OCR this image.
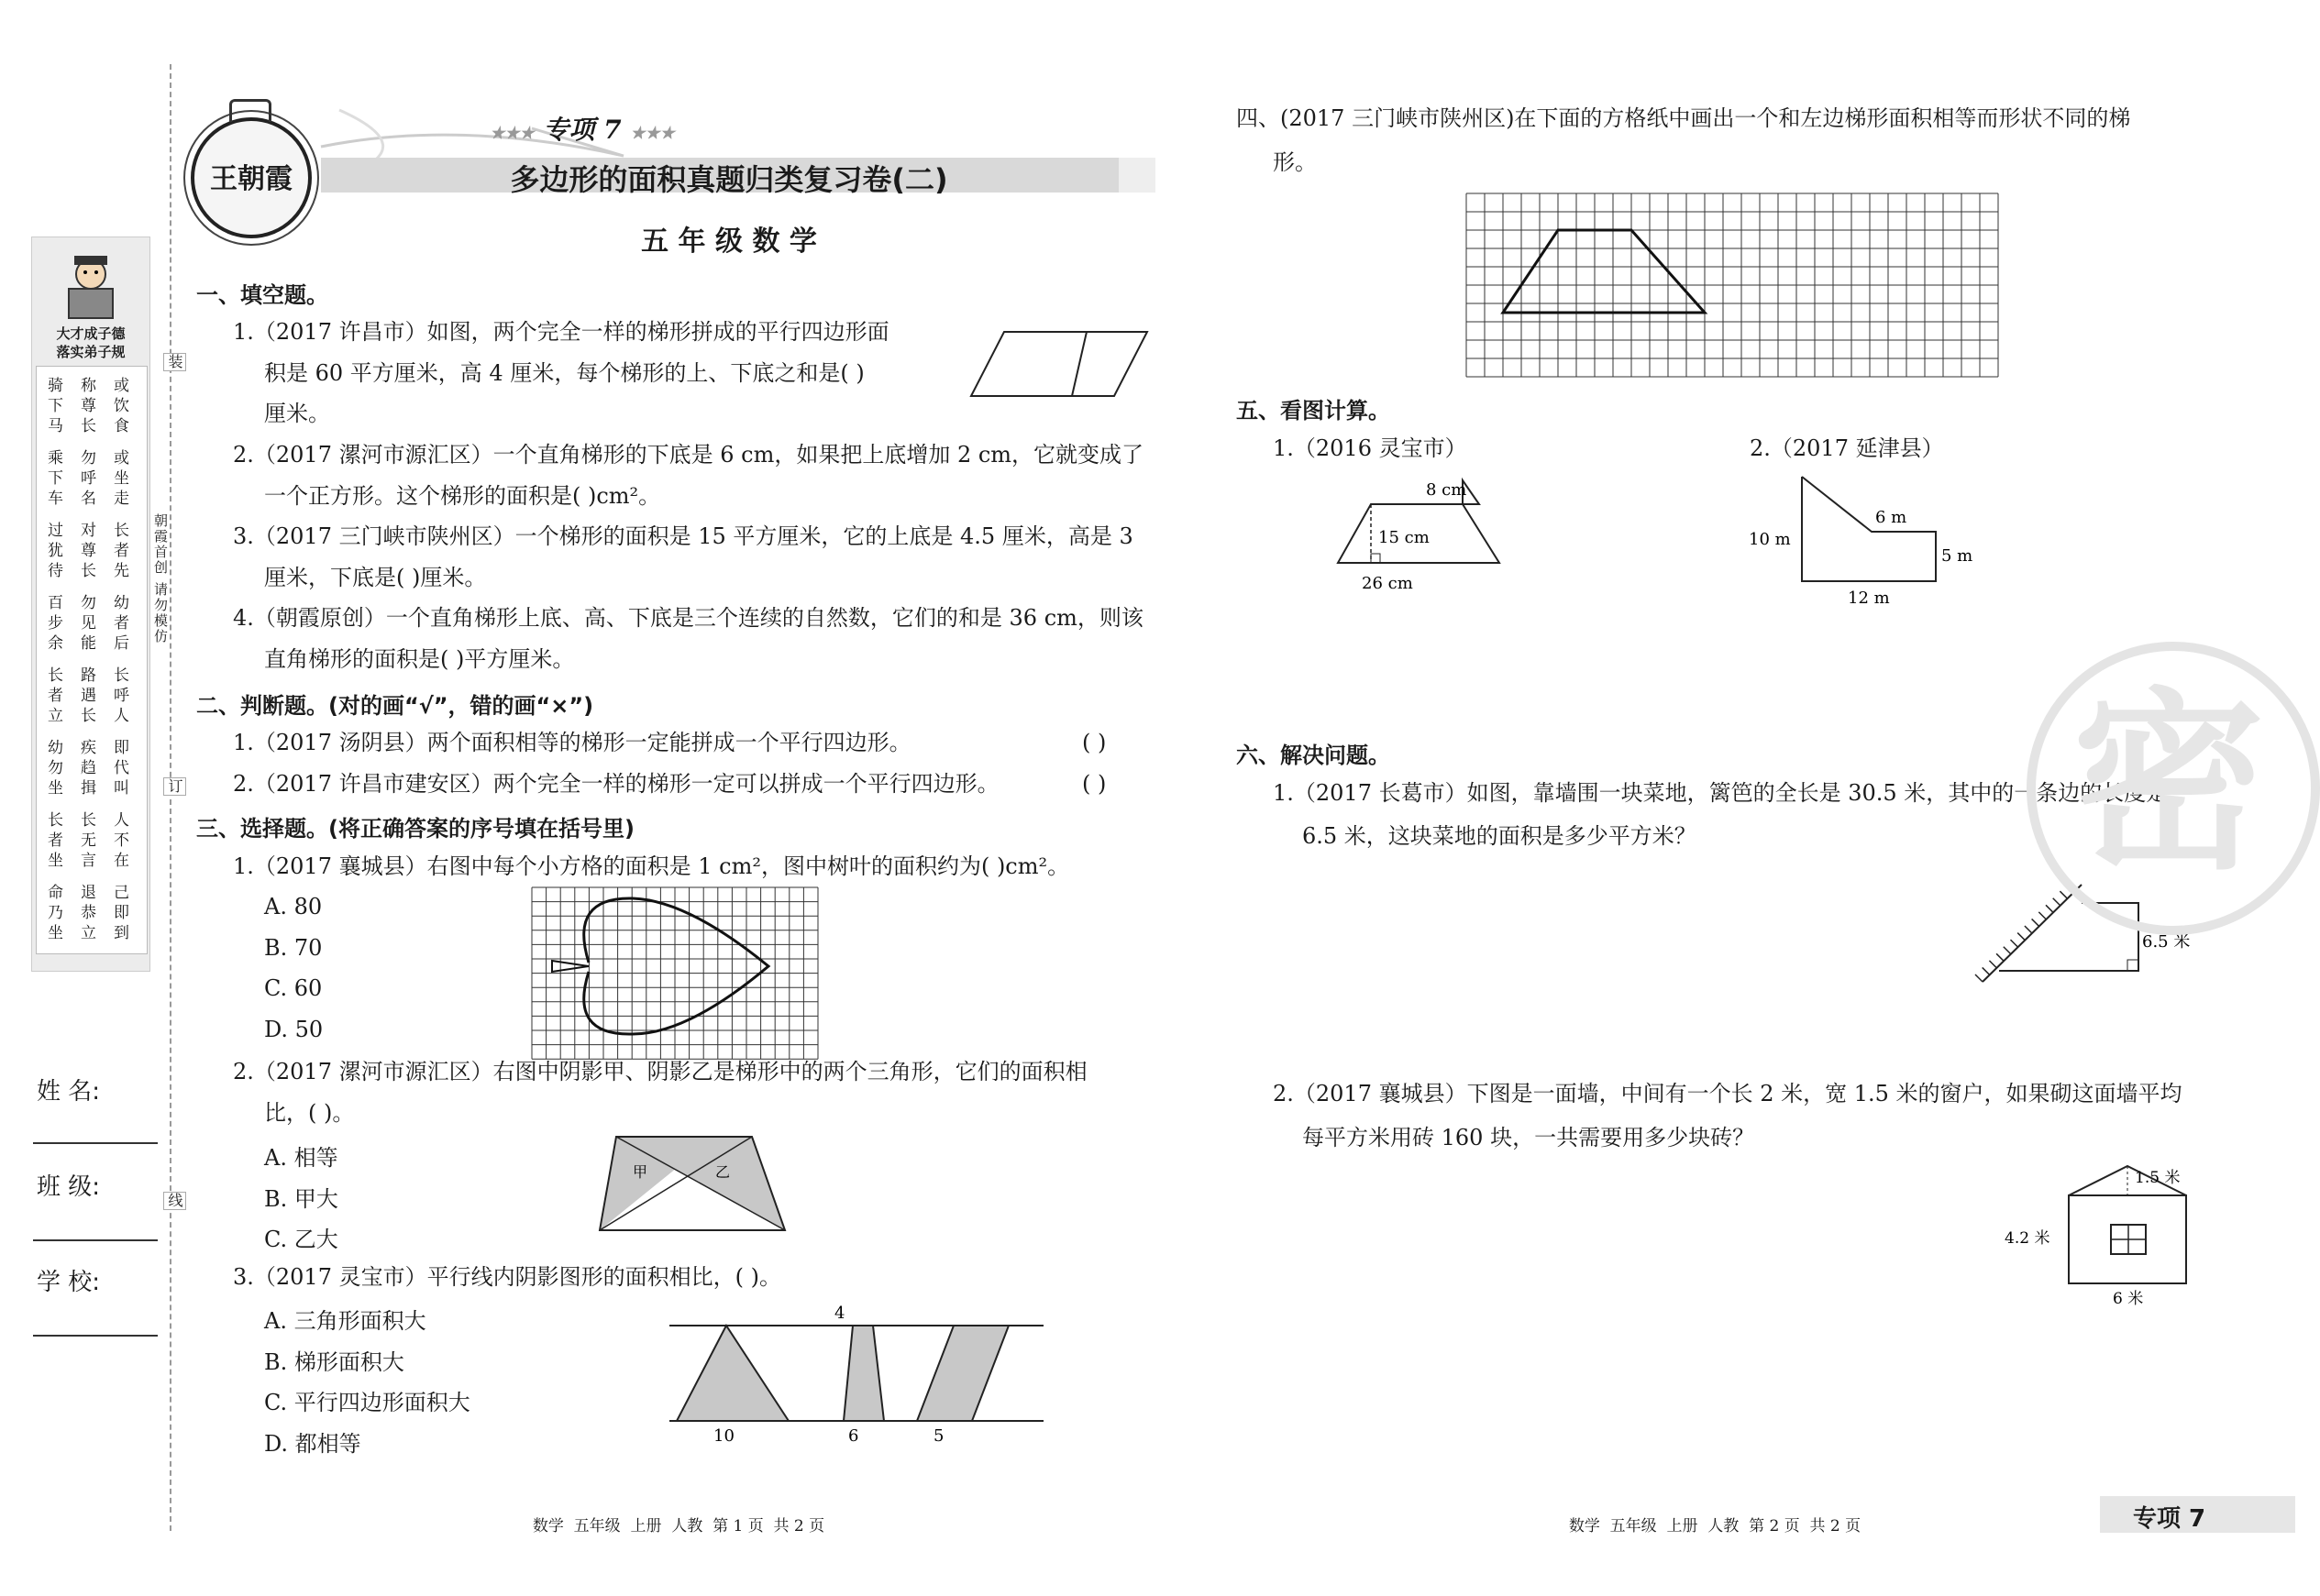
大才成子德
落实弟子规
骑
下
马
称
尊
长
或
饮
食
乘
下
车
勿
呼
名
或
坐
走
过
犹
待
对
尊
长
长
者
先
百
步
余
勿
见
能
幼
者
后
长
者
立
路
遇
长
长
呼
人
幼
勿
坐
疾
趋
揖
即
代
叫
长
者
坐
长
无
言
人
不
在
命
乃
坐
退
恭
立
己
即
到
装
朝霞首创 请勿模仿
订
线
姓 名:
班 级:
学 校:
王朝霞
★★★ 专项 7 ★★★
多边形的面积真题归类复习卷(二)
五 年 级 数 学
一、填空题。
1.（2017 许昌市）如图，两个完全一样的梯形拼成的平行四边形面
积是 60 平方厘米，高 4 厘米，每个梯形的上、下底之和是( )
厘米。
2.（2017 漯河市源汇区）一个直角梯形的下底是 6 cm，如果把上底增加 2 cm，它就变成了
一个正方形。这个梯形的面积是( )cm²。
3.（2017 三门峡市陕州区）一个梯形的面积是 15 平方厘米，它的上底是 4.5 厘米，高是 3
厘米，下底是( )厘米。
4.（朝霞原创）一个直角梯形上底、高、下底是三个连续的自然数，它们的和是 36 cm，则该
直角梯形的面积是( )平方厘米。
二、判断题。(对的画“√”，错的画“×”)
1.（2017 汤阴县）两个面积相等的梯形一定能拼成一个平行四边形。	( )
2.（2017 许昌市建安区）两个完全一样的梯形一定可以拼成一个平行四边形。	( )
三、选择题。(将正确答案的序号填在括号里)
1.（2017 襄城县）右图中每个小方格的面积是 1 cm²，图中树叶的面积约为( )cm²。
A. 80
B. 70
C. 60
D. 50
2.（2017 漯河市源汇区）右图中阴影甲、阴影乙是梯形中的两个三角形，它们的面积相
比，( )。
A. 相等
B. 甲大
C. 乙大
甲	乙
3.（2017 灵宝市）平行线内阴影图形的面积相比，( )。
A. 三角形面积大
B. 梯形面积大
C. 平行四边形面积大
D. 都相等
4
10	6	5
数学  五年级  上册  人教  第 1 页  共 2 页
四、(2017 三门峡市陕州区)在下面的方格纸中画出一个和左边梯形面积相等而形状不同的梯
形。
五、看图计算。
1.（2016 灵宝市）
8 cm
15 cm
26 cm
2.（2017 延津县）
6 m
10 m
5 m
12 m
六、解决问题。
1.（2017 长葛市）如图，靠墙围一块菜地，篱笆的全长是 30.5 米，其中的一条边的长度是
6.5 米，这块菜地的面积是多少平方米？
6.5 米
2.（2017 襄城县）下图是一面墙，中间有一个长 2 米，宽 1.5 米的窗户，如果砌这面墙平均
每平方米用砖 160 块，一共需要用多少块砖？
1.5 米
4.2 米
6 米
密
数学  五年级  上册  人教  第 2 页  共 2 页	专项 7
